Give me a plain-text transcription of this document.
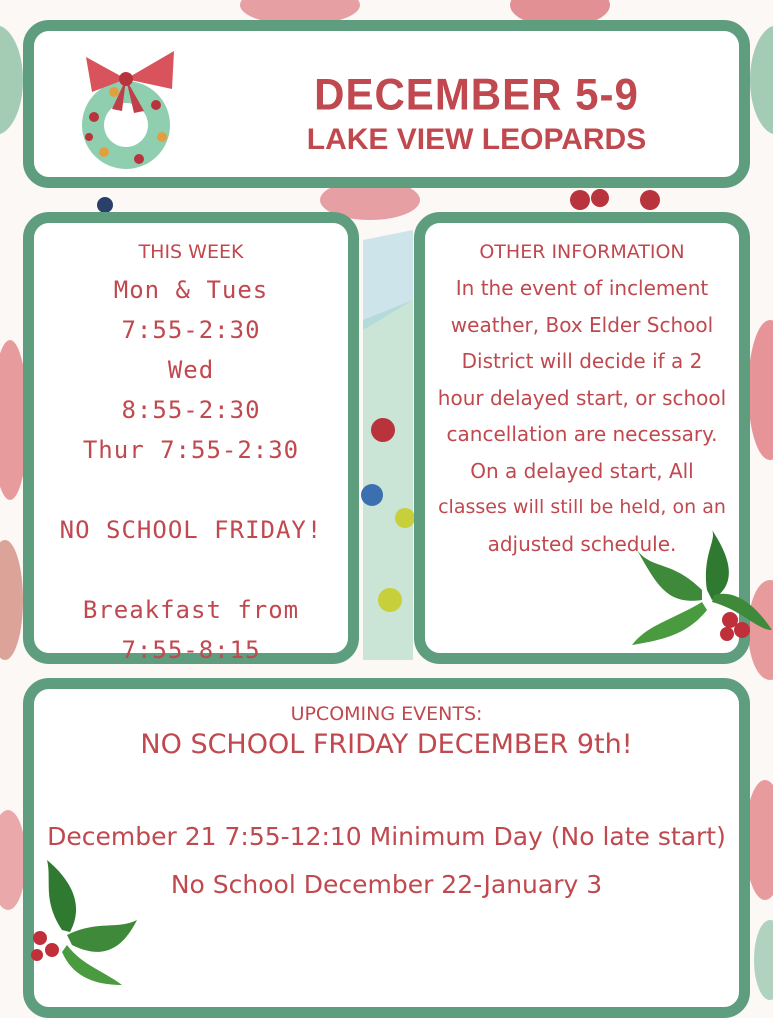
DECEMBER 5-9
LAKE VIEW LEOPARDS
THIS WEEK
Mon & Tues
7:55-2:30
Wed
8:55-2:30
Thur 7:55-2:30
NO SCHOOL FRIDAY!
Breakfast from
7:55-8:15
OTHER INFORMATION
In the event of inclement
weather, Box Elder School
District will decide if a 2
hour delayed start, or school
cancellation are necessary.
On a delayed start, All
classes will still be held, on an
adjusted schedule.
UPCOMING EVENTS:
NO SCHOOL FRIDAY DECEMBER 9th!
December 21 7:55-12:10 Minimum Day (No late start)
No School December 22-January 3
